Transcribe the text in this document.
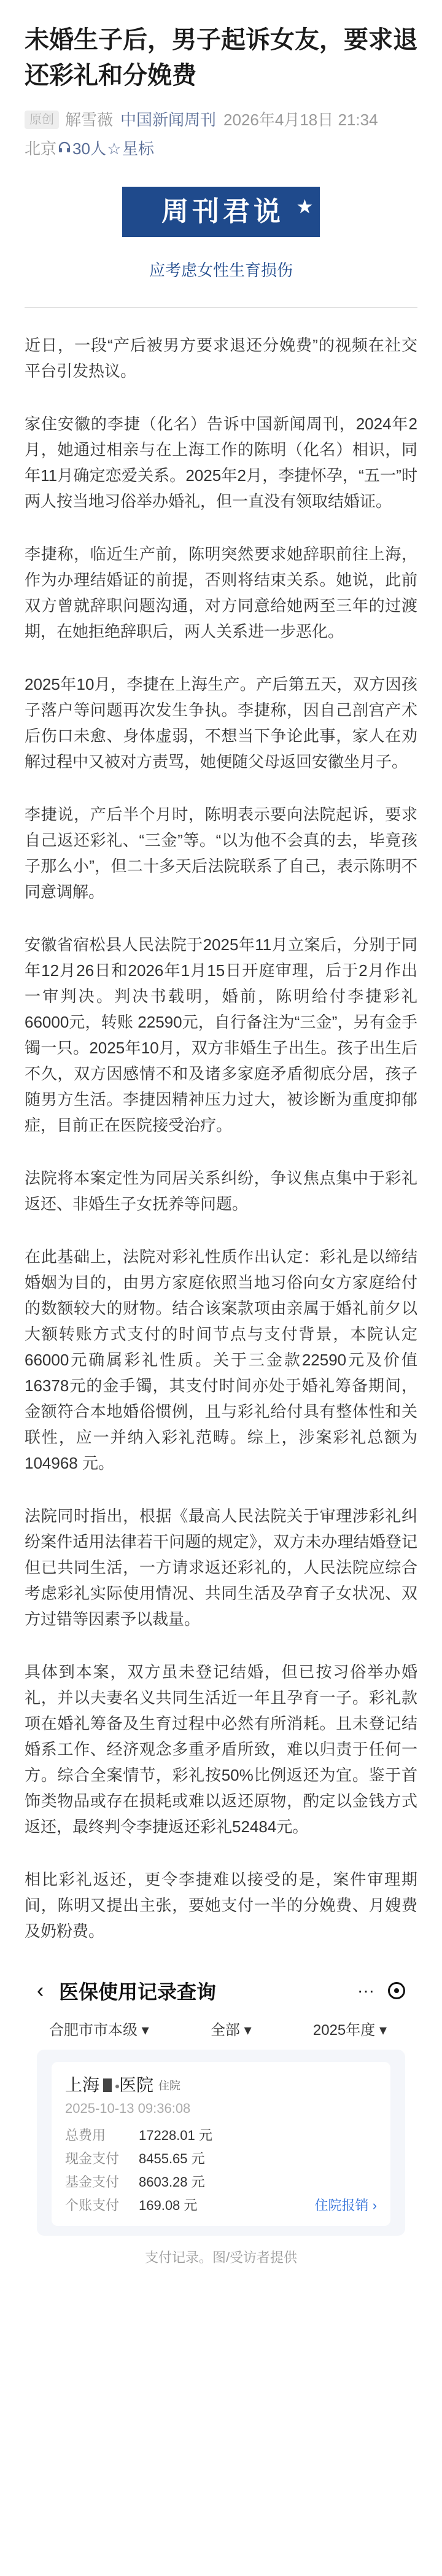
未婚生子后，男子起诉女友，要求退还彩礼和分娩费
原创 解雪薇 中国新闻周刊 2026年4月18日 21:34
北京 30人☆星标
周刊君说 ★
应考虑女性生育损伤

近日，一段“产后被男方要求退还分娩费”的视频在社交平台引发热议。

家住安徽的李捷（化名）告诉中国新闻周刊，2024年2月，她通过相亲与在上海工作的陈明（化名）相识，同年11月确定恋爱关系。2025年2月，李捷怀孕，“五一”时两人按当地习俗举办婚礼，但一直没有领取结婚证。

李捷称，临近生产前，陈明突然要求她辞职前往上海，作为办理结婚证的前提，否则将结束关系。她说，此前双方曾就辞职问题沟通，对方同意给她两至三年的过渡期，在她拒绝辞职后，两人关系进一步恶化。

2025年10月，李捷在上海生产。产后第五天，双方因孩子落户等问题再次发生争执。李捷称，因自己剖宫产术后伤口未愈、身体虚弱，不想当下争论此事，家人在劝解过程中又被对方责骂，她便随父母返回安徽坐月子。

李捷说，产后半个月时，陈明表示要向法院起诉，要求自己返还彩礼、“三金”等。“以为他不会真的去，毕竟孩子那么小”，但二十多天后法院联系了自己，表示陈明不同意调解。

安徽省宿松县人民法院于2025年11月立案后，分别于同年12月26日和2026年1月15日开庭审理，后于2月作出一审判决。判决书载明，婚前，陈明给付李捷彩礼 66000元，转账 22590元，自行备注为“三金”，另有金手镯一只。2025年10月，双方非婚生子出生。孩子出生后不久，双方因感情不和及诸多家庭矛盾彻底分居，孩子随男方生活。李捷因精神压力过大，被诊断为重度抑郁症，目前正在医院接受治疗。

法院将本案定性为同居关系纠纷，争议焦点集中于彩礼返还、非婚生子女抚养等问题。

在此基础上，法院对彩礼性质作出认定：彩礼是以缔结婚姻为目的，由男方家庭依照当地习俗向女方家庭给付的数额较大的财物。结合该案款项由亲属于婚礼前夕以大额转账方式支付的时间节点与支付背景，本院认定66000元确属彩礼性质。关于三金款22590元及价值16378元的金手镯，其支付时间亦处于婚礼筹备期间，金额符合本地婚俗惯例，且与彩礼给付具有整体性和关联性，应一并纳入彩礼范畴。综上，涉案彩礼总额为104968 元。

法院同时指出，根据《最高人民法院关于审理涉彩礼纠纷案件适用法律若干问题的规定》，双方未办理结婚登记但已共同生活，一方请求返还彩礼的，人民法院应综合考虑彩礼实际使用情况、共同生活及孕育子女状况、双方过错等因素予以裁量。

具体到本案，双方虽未登记结婚，但已按习俗举办婚礼，并以夫妻名义共同生活近一年且孕育一子。彩礼款项在婚礼筹备及生育过程中必然有所消耗。且未登记结婚系工作、经济观念多重矛盾所致，难以归责于任何一方。综合全案情节，彩礼按50%比例返还为宜。鉴于首饰类物品或存在损耗或难以返还原物，酌定以金钱方式返还，最终判令李捷返还彩礼52484元。

相比彩礼返还，更令李捷难以接受的是，案件审理期间，陈明又提出主张，要她支付一半的分娩费、月嫂费及奶粉费。

‹ 医保使用记录查询	···
合肥市市本级 ▾	全部 ▾	2025年度 ▾
上海 医院 住院
2025-10-13 09:36:08
总费用	17228.01 元
现金支付	8455.65 元
基金支付	8603.28 元
个账支付	169.08 元	住院报销 ›
支付记录。图/受访者提供
